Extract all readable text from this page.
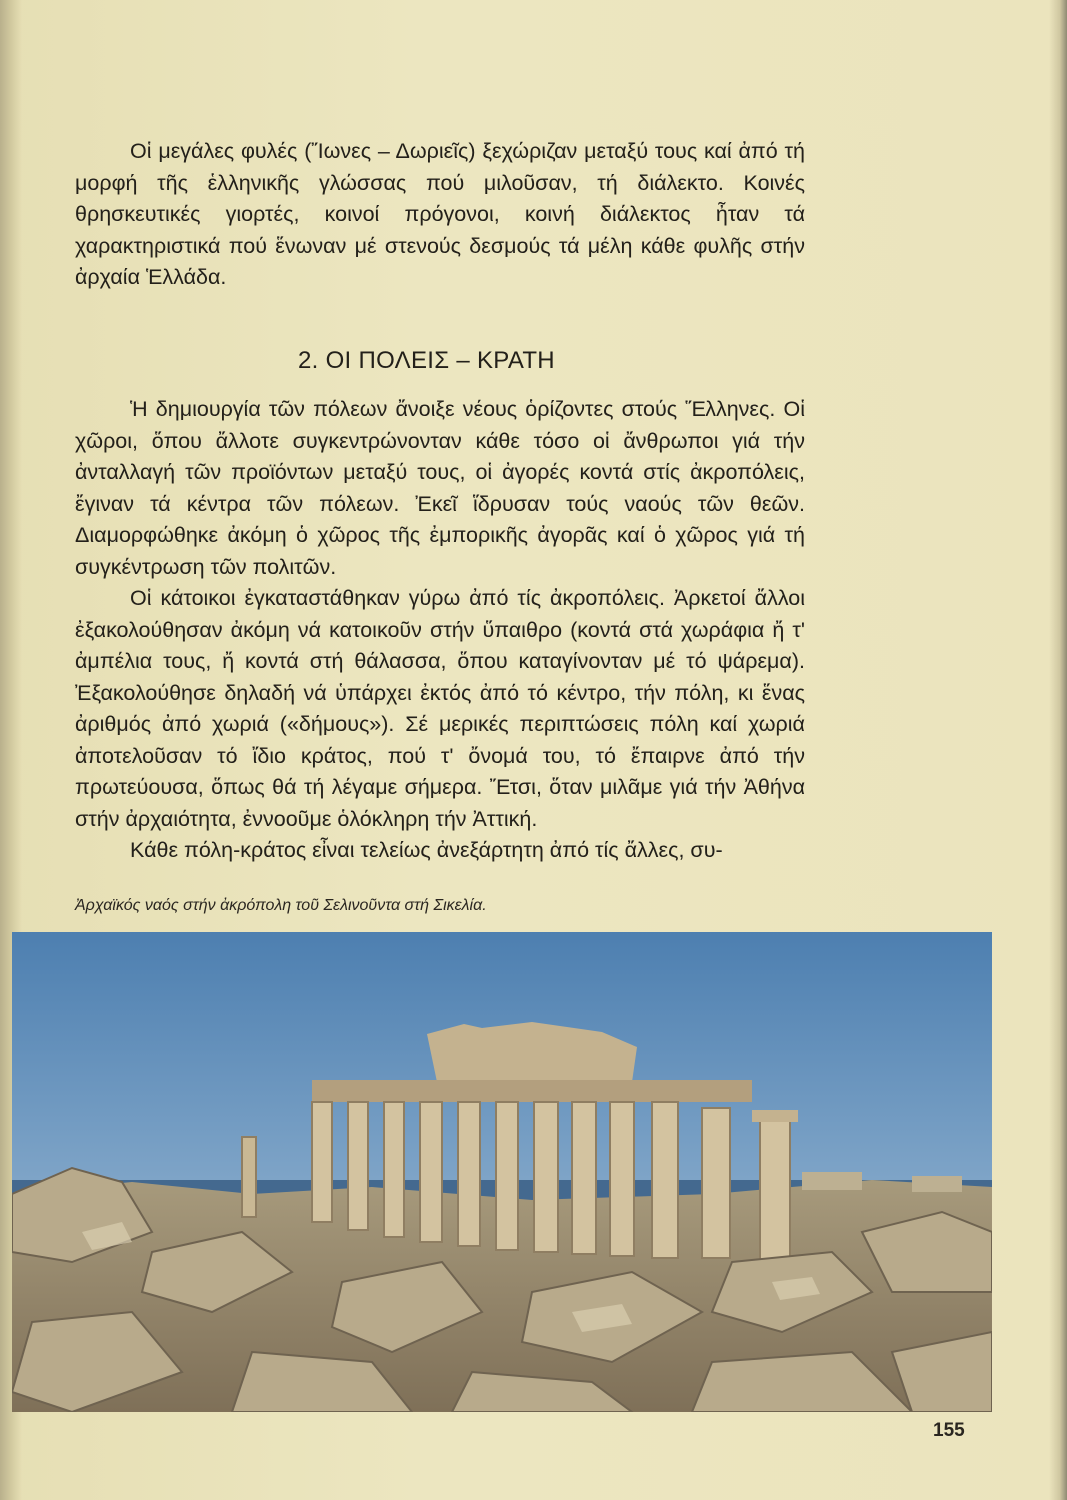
Οἱ μεγάλες φυλές (Ἴωνες – Δωριεῖς) ξεχώριζαν μεταξύ τους καί ἀπό τή μορφή τῆς ἑλληνικῆς γλώσσας πού μιλοῦσαν, τή διάλεκτο. Κοινές θρησκευτικές γιορτές, κοινοί πρόγονοι, κοινή διάλεκτος ἦταν τά χαρακτηριστικά πού ἕνωναν μέ στενούς δεσμούς τά μέλη κάθε φυλῆς στήν ἀρχαία Ἑλλάδα.

2. ΟΙ ΠΟΛΕΙΣ – ΚΡΑΤΗ

Ἡ δημιουργία τῶν πόλεων ἄνοιξε νέους ὁρίζοντες στούς Ἕλληνες. Οἱ χῶροι, ὅπου ἄλλοτε συγκεντρώνονταν κάθε τόσο οἱ ἄνθρωποι γιά τήν ἀνταλλαγή τῶν προϊόντων μεταξύ τους, οἱ ἀγορές κοντά στίς ἀκροπόλεις, ἔγιναν τά κέντρα τῶν πόλεων. Ἐκεῖ ἵδρυσαν τούς ναούς τῶν θεῶν. Διαμορφώθηκε ἀκόμη ὁ χῶρος τῆς ἐμπορικῆς ἀγορᾶς καί ὁ χῶρος γιά τή συγκέντρωση τῶν πολιτῶν.

Οἱ κάτοικοι ἐγκαταστάθηκαν γύρω ἀπό τίς ἀκροπόλεις. Ἀρκετοί ἄλλοι ἐξακολούθησαν ἀκόμη νά κατοικοῦν στήν ὕπαιθρο (κοντά στά χωράφια ἤ τ' ἀμπέλια τους, ἤ κοντά στή θάλασσα, ὅπου καταγίνονταν μέ τό ψάρεμα). Ἐξακολούθησε δηλαδή νά ὑπάρχει ἐκτός ἀπό τό κέντρο, τήν πόλη, κι ἕνας ἀριθμός ἀπό χωριά («δήμους»). Σέ μερικές περιπτώσεις πόλη καί χωριά ἀποτελοῦσαν τό ἴδιο κράτος, πού τ' ὄνομά του, τό ἔπαιρνε ἀπό τήν πρωτεύουσα, ὅπως θά τή λέγαμε σήμερα. Ἔτσι, ὅταν μιλᾶμε γιά τήν Ἀθήνα στήν ἀρχαιότητα, ἐννοοῦμε ὁλόκληρη τήν Ἀττική.

Κάθε πόλη-κράτος εἶναι τελείως ἀνεξάρτητη ἀπό τίς ἄλλες, συ-

Ἀρχαϊκός ναός στήν ἀκρόπολη τοῦ Σελινοῦντα στή Σικελία.

155
